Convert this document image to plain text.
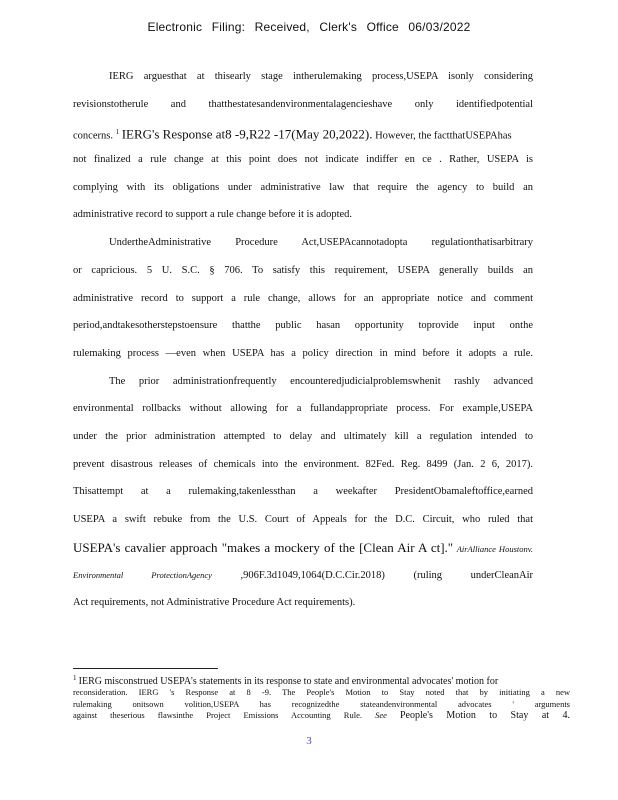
Electronic Filing: Received, Clerk's Office 06/03/2022
IERG arguesthat at thisearly stage intherulemaking process,USEPA isonly considering
revisionstotherule and thatthestatesandenvironmentalagencieshave only identifiedpotential
concerns. $^1$ IERG's Response at8 -9,R22 -17(May 20,2022). However, the factthatUSEPAhas
not finalized a rule change at this point does not indicate indiffer en ce . Rather, USEPA is
complying with its obligations under administrative law that require the agency to build an
administrative record to support a rule change before it is adopted.
UndertheAdministrative Procedure Act,USEPAcannotadopta regulationthatisarbitrary
or capricious. 5 U. S.C. § 706. To satisfy this requirement, USEPA generally builds an
administrative record to support a rule change, allows for an appropriate notice and comment
period,andtakesotherstepstoensure thatthe public hasan opportunity toprovide input onthe
rulemaking process —even when USEPA has a policy direction in mind before it adopts a rule.
The prior administrationfrequently encounteredjudicialproblemswhenit rashly advanced
environmental rollbacks without allowing for a fullandappropriate process. For example,USEPA
under the prior administration attempted to delay and ultimately kill a regulation intended to
prevent disastrous releases of chemicals into the environment. 82Fed. Reg. 8499 (Jan. 2 6, 2017).
Thisattempt at a rulemaking,takenlessthan a weekafter PresidentObamaleftoffice,earned
USEPA a swift rebuke from the U.S. Court of Appeals for the D.C. Circuit, who ruled that
USEPA's cavalier approach "makes a mockery of the [Clean Air A ct]." AirAlliance Houstonv.
Environmental ProtectionAgency	,906F.3d1049,1064(D.C.Cir.2018) (ruling underCleanAir
Act requirements, not Administrative Procedure Act requirements).
$^1$ IERG misconstrued USEPA's statements in its response to state and environmental advocates' motion for
reconsideration. IERG 's Response at 8 -9. The People's Motion to Stay noted that by initiating a new
rulemaking onitsown volition,USEPA has recognizedthe stateandenvironmental advocates ' arguments
against theserious flawsinthe Project Emissions Accounting Rule. See People's Motion to Stay at 4.
3
